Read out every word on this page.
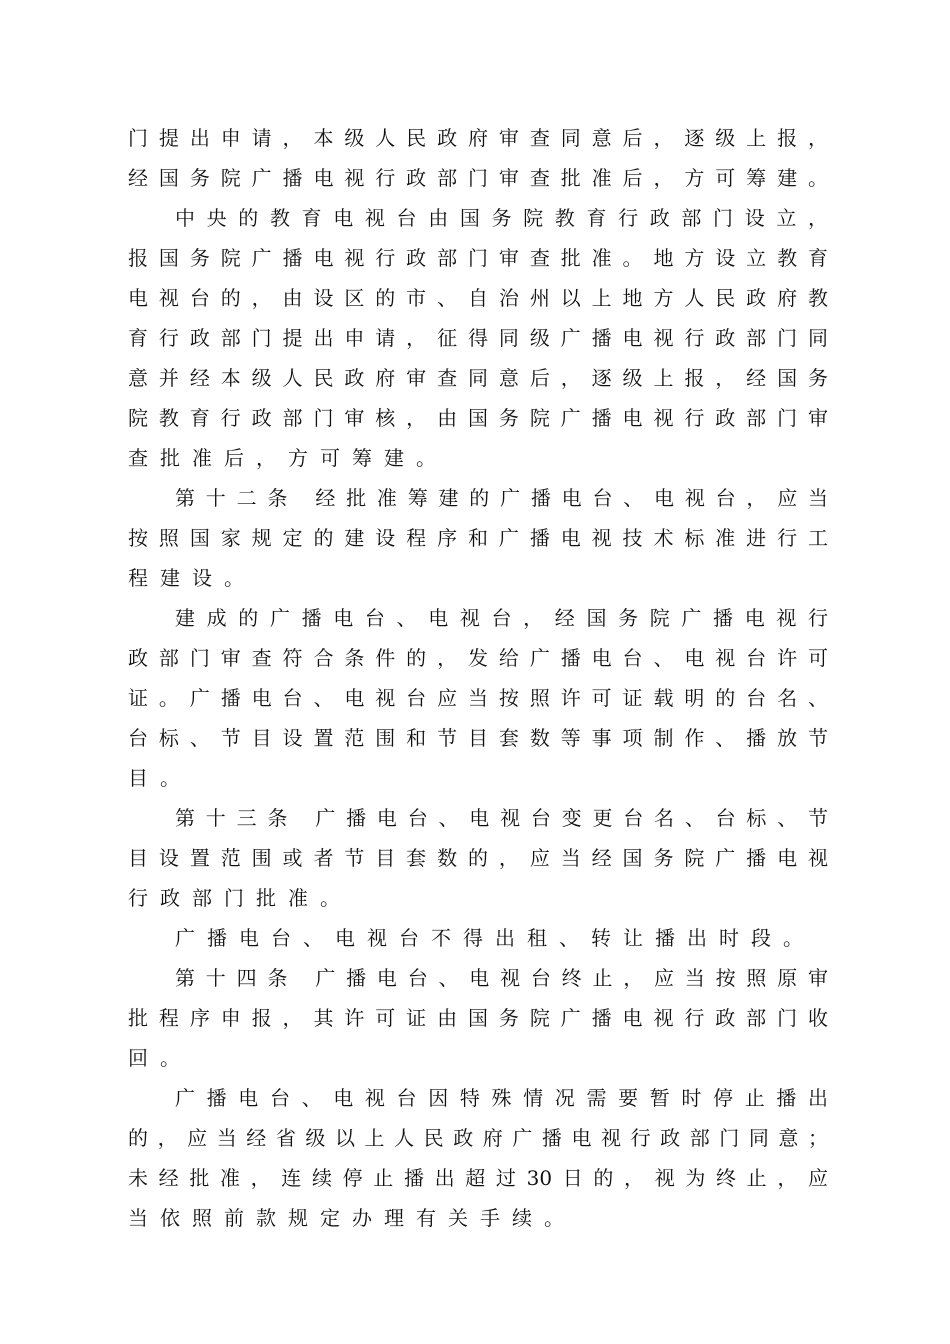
门提出申请，本级人民政府审查同意后，逐级上报，
经国务院广播电视行政部门审查批准后，方可筹建。
中央的教育电视台由国务院教育行政部门设立，
报国务院广播电视行政部门审查批准。地方设立教育
电视台的，由设区的市、自治州以上地方人民政府教
育行政部门提出申请，征得同级广播电视行政部门同
意并经本级人民政府审查同意后，逐级上报，经国务
院教育行政部门审核，由国务院广播电视行政部门审
查批准后，方可筹建。
第十二条 经批准筹建的广播电台、电视台，应当
按照国家规定的建设程序和广播电视技术标准进行工
程建设。
建成的广播电台、电视台，经国务院广播电视行
政部门审查符合条件的，发给广播电台、电视台许可
证。广播电台、电视台应当按照许可证载明的台名、
台标、节目设置范围和节目套数等事项制作、播放节
目。
第十三条 广播电台、电视台变更台名、台标、节
目设置范围或者节目套数的，应当经国务院广播电视
行政部门批准。
广播电台、电视台不得出租、转让播出时段。
第十四条 广播电台、电视台终止，应当按照原审
批程序申报，其许可证由国务院广播电视行政部门收
回。
广播电台、电视台因特殊情况需要暂时停止播出
的，应当经省级以上人民政府广播电视行政部门同意；
未经批准，连续停止播出超过30日的，视为终止，应
当依照前款规定办理有关手续。
